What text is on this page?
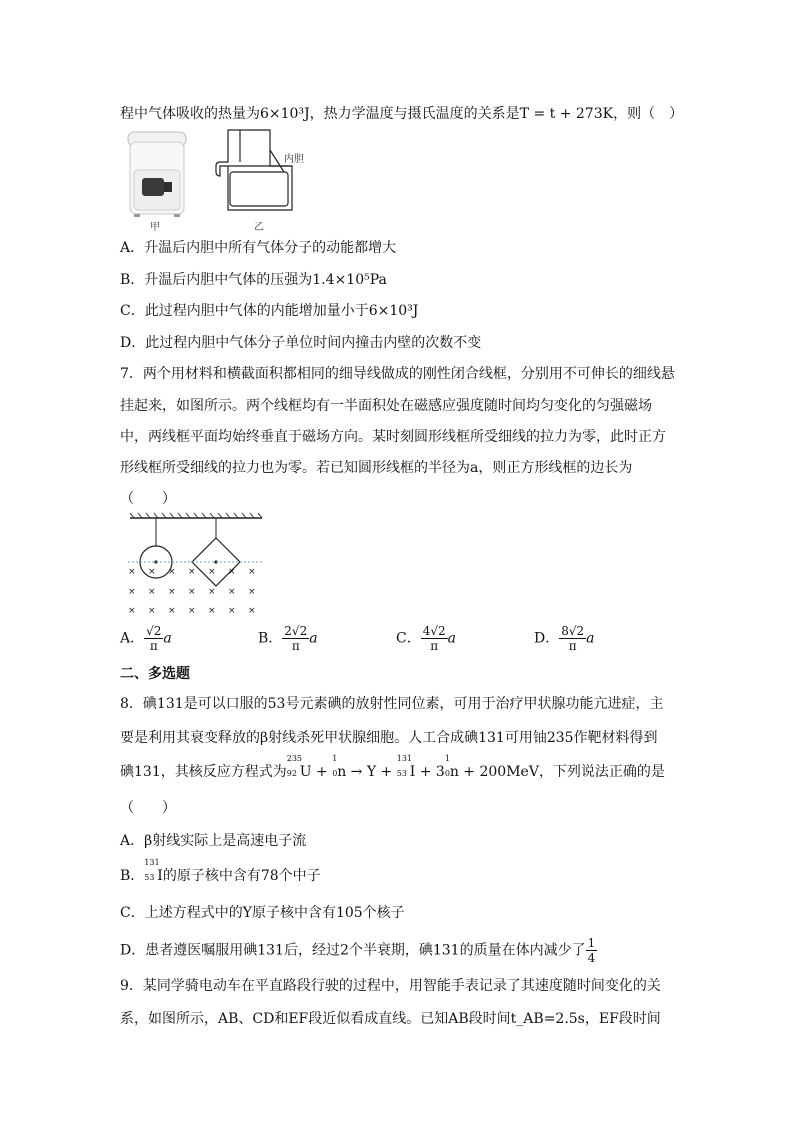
程中气体吸收的热量为6×10³J，热力学温度与摄氏温度的关系是T = t + 273K，则（　）
内胆
甲	乙
A．升温后内胆中所有气体分子的动能都增大
B．升温后内胆中气体的压强为1.4×10⁵Pa
C．此过程内胆中气体的内能增加量小于6×10³J
D．此过程内胆中气体分子单位时间内撞击内壁的次数不变
7．两个用材料和横截面积都相同的细导线做成的刚性闭合线框，分别用不可伸长的细线悬
挂起来，如图所示。两个线框均有一半面积处在磁感应强度随时间均匀变化的匀强磁场
中，两线框平面均始终垂直于磁场方向。某时刻圆形线框所受细线的拉力为零，此时正方
形线框所受细线的拉力也为零。若已知圆形线框的半径为a，则正方形线框的边长为
（　　）
× × × × × × ×
× × × × × × ×
× × × × × × ×
A． $\frac{√2}{\pi}$ a	B． $\frac{2√2}{\pi}$ a	C． $\frac{4√2}{\pi}$ a	D． $\frac{8√2}{\pi}$ a
二、多选题
8．碘131是可以口服的53号元素碘的放射性同位素，可用于治疗甲状腺功能亢进症，主
要是利用其衰变释放的β射线杀死甲状腺细胞。人工合成碘131可用铀235作靶材料得到
碘131，其核反应方程式为
235
92 U +
1
0 n → Y +
131
53 I + 3
1
0 n + 200MeV，下列说法正确的是
（　　）
A．β射线实际上是高速电子流
B．
131
53 I的原子核中含有78个中子
C．上述方程式中的Y原子核中含有105个核子
D．患者遵医嘱服用碘131后，经过2个半衰期，碘131的质量在体内减少了 $\frac{1}{4}$
9．某同学骑电动车在平直路段行驶的过程中，用智能手表记录了其速度随时间变化的关
系，如图所示，AB、CD和EF段近似看成直线。已知AB段时间t_AB=2.5s，EF段时间
